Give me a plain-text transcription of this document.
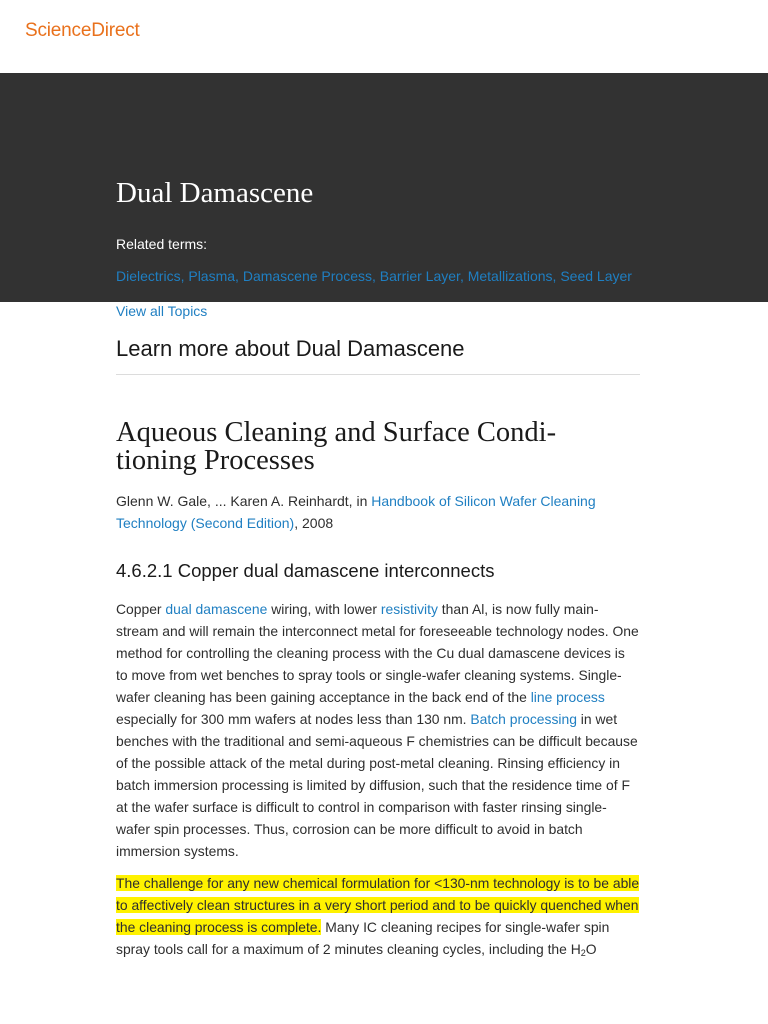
ScienceDirect
Dual Damascene
Related terms:
Dielectrics, Plasma, Damascene Process, Barrier Layer, Metallizations, Seed Layer
View all Topics
Learn more about Dual Damascene
Aqueous Cleaning and Surface Condi-
tioning Processes
Glenn W. Gale, ... Karen A. Reinhardt, in Handbook of Silicon Wafer Cleaning Technology (Second Edition), 2008
4.6.2.1 Copper dual damascene interconnects

Copper dual damascene wiring, with lower resistivity than Al, is now fully main-stream and will remain the interconnect metal for foreseeable technology nodes. One method for controlling the cleaning process with the Cu dual damascene devices is to move from wet benches to spray tools or single-wafer cleaning systems. Single-wafer cleaning has been gaining acceptance in the back end of the line process especially for 300 mm wafers at nodes less than 130 nm. Batch processing in wet benches with the traditional and semi-aqueous F chemistries can be difficult because of the possible attack of the metal during post-metal cleaning. Rinsing efficiency in batch immersion processing is limited by diffusion, such that the residence time of F at the wafer surface is difficult to control in comparison with faster rinsing single-wafer spin processes. Thus, corrosion can be more difficult to avoid in batch immersion systems.

The challenge for any new chemical formulation for <130-nm technology is to be able to affectively clean structures in a very short period and to be quickly quenched when the cleaning process is complete. Many IC cleaning recipes for single-wafer spin spray tools call for a maximum of 2 minutes cleaning cycles, including the $H_2O$
